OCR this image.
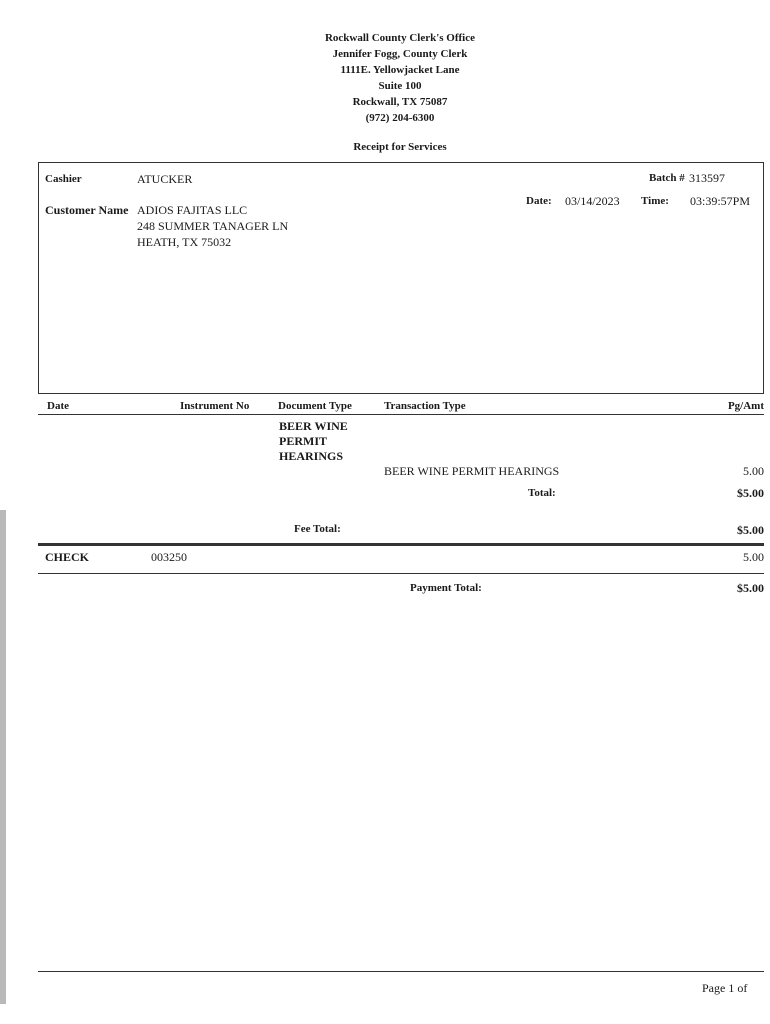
Rockwall County Clerk's Office
Jennifer Fogg, County Clerk
1111E. Yellowjacket Lane
Suite 100
Rockwall, TX 75087
(972) 204-6300
Receipt for Services
Cashier	ATUCKER	Batch # 313597
Customer Name ADIOS FAJITAS LLC
248 SUMMER TANAGER LN
HEATH, TX 75032
Date: 03/14/2023 Time: 03:39:57PM
Date	Instrument No	Document Type	Transaction Type	Pg/Amt
BEER WINE
PERMIT
HEARINGS
BEER WINE PERMIT HEARINGS	5.00
Total:	$5.00
Fee Total:	$5.00
CHECK	003250	5.00
Payment Total:	$5.00
Page 1 of
